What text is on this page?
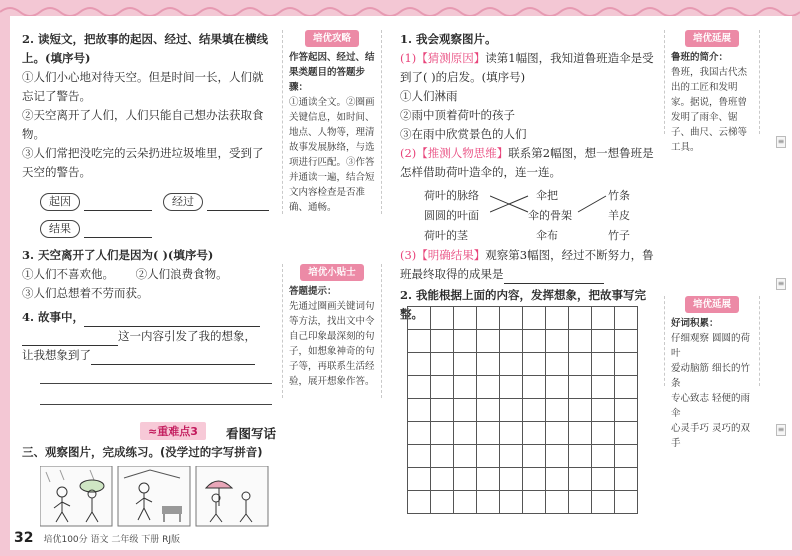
2. 读短文，把故事的起因、经过、结果填在横线上。(填序号)
①人们小心地对待天空。但是时间一长，人们就忘记了警告。
②天空离开了人们，人们只能自己想办法获取食物。
③人们常把没吃完的云朵扔进垃圾堆里，受到了天空的警告。
起因	经过
结果
3. 天空离开了人们是因为( )(填序号)
①人们不喜欢他。 ②人们浪费食物。
③人们总想着不劳而获。
4. 故事中，
这一内容引发了我的想象，
让我想象到了
≈重难点3	看图写话
三、观察图片，完成练习。(没学过的字写拼音)
培优攻略
作答起因、经过、结果类题目的答题步骤：
①通读全文。②圈画关键信息，如时间、地点、人物等，理清故事发展脉络，与选项进行匹配。③作答并通读一遍，结合短文内容检查是否准确、通畅。
培优小贴士
答题提示：
先通过圈画关键词句等方法，找出文中令自己印象最深刻的句子，如想象神奇的句子等，再联系生活经验，展开想象作答。
1. 我会观察图片。
(1)【猜测原因】读第1幅图，我知道鲁班造伞是受到了( )的启发。(填序号)
①人们淋雨
②雨中顶着荷叶的孩子
③在雨中欣赏景色的人们
(2)【推测人物思维】联系第2幅图，想一想鲁班是怎样借助荷叶造伞的，连一连。
荷叶的脉络
圆圆的叶面
荷叶的茎
伞把
伞的骨架
伞布
竹条
羊皮
竹子
(3)【明确结果】观察第3幅图，经过不断努力，鲁班最终取得的成果是
2. 我能根据上面的内容，发挥想象，把故事写完整。

培优延展
鲁班的简介：
鲁班，我国古代杰出的工匠和发明家。据说，鲁班曾发明了雨伞、锯子、曲尺、云梯等工具。
培优延展
好词积累：
仔细观察 圆圆的荷叶
爱动脑筋 细长的竹条
专心致志 轻便的雨伞
心灵手巧 灵巧的双手
≡
≡
≡
32 培优100分 语文 二年级 下册 RJ版
